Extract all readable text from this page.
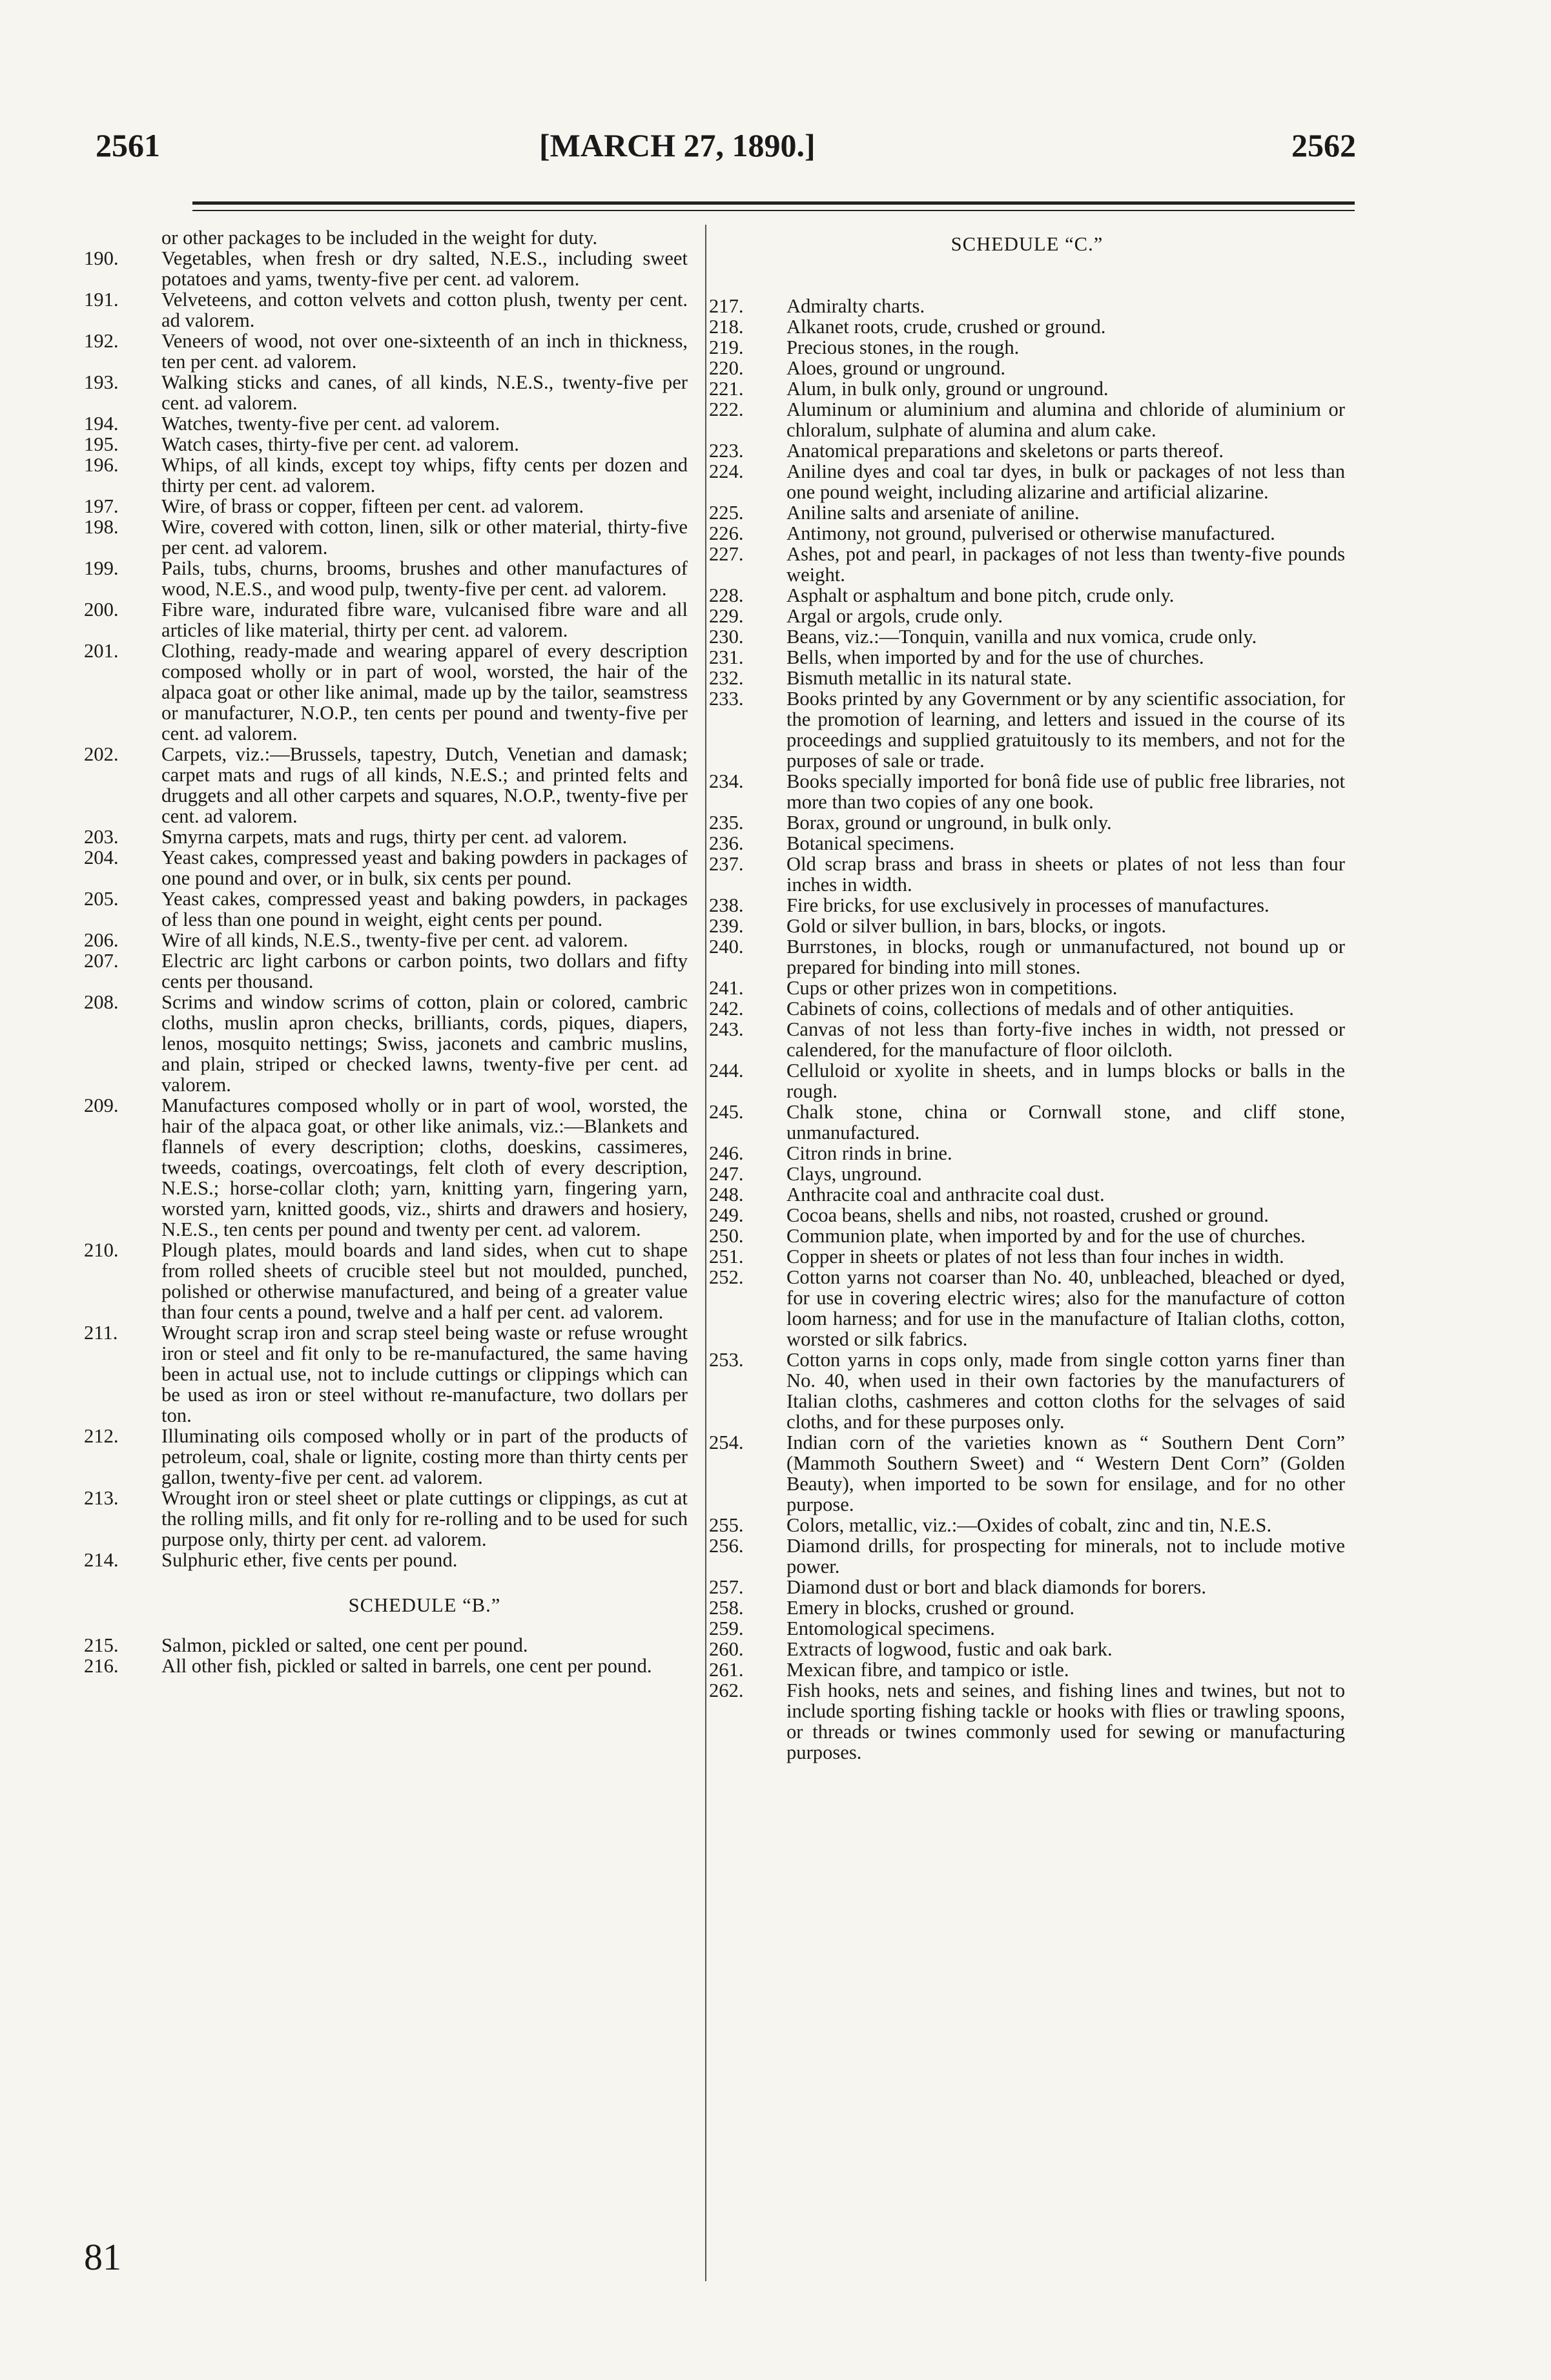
2561	[MARCH 27, 1890.]	2562
or other packages to be included in the weight for duty.
190. Vegetables, when fresh or dry salted, N.E.S., including sweet potatoes and yams, twenty-five per cent. ad valorem.
191. Velveteens, and cotton velvets and cotton plush, twenty per cent. ad valorem.
192. Veneers of wood, not over one-sixteenth of an inch in thickness, ten per cent. ad valorem.
193. Walking sticks and canes, of all kinds, N.E.S., twenty-five per cent. ad valorem.
194. Watches, twenty-five per cent. ad valorem.
195. Watch cases, thirty-five per cent. ad valorem.
196. Whips, of all kinds, except toy whips, fifty cents per dozen and thirty per cent. ad valorem.
197. Wire, of brass or copper, fifteen per cent. ad valorem.
198. Wire, covered with cotton, linen, silk or other material, thirty-five per cent. ad valorem.
199. Pails, tubs, churns, brooms, brushes and other manufactures of wood, N.E.S., and wood pulp, twenty-five per cent. ad valorem.
200. Fibre ware, indurated fibre ware, vulcanised fibre ware and all articles of like material, thirty per cent. ad valorem.
201. Clothing, ready-made and wearing apparel of every description composed wholly or in part of wool, worsted, the hair of the alpaca goat or other like animal, made up by the tailor, seamstress or manufacturer, N.O.P., ten cents per pound and twenty-five per cent. ad valorem.
202. Carpets, viz.:—Brussels, tapestry, Dutch, Venetian and damask; carpet mats and rugs of all kinds, N.E.S.; and printed felts and druggets and all other carpets and squares, N.O.P., twenty-five per cent. ad valorem.
203. Smyrna carpets, mats and rugs, thirty per cent. ad valorem.
204. Yeast cakes, compressed yeast and baking powders in packages of one pound and over, or in bulk, six cents per pound.
205. Yeast cakes, compressed yeast and baking powders, in packages of less than one pound in weight, eight cents per pound.
206. Wire of all kinds, N.E.S., twenty-five per cent. ad valorem.
207. Electric arc light carbons or carbon points, two dollars and fifty cents per thousand.
208. Scrims and window scrims of cotton, plain or colored, cambric cloths, muslin apron checks, brilliants, cords, piques, diapers, lenos, mosquito nettings; Swiss, jaconets and cambric muslins, and plain, striped or checked lawns, twenty-five per cent. ad valorem.
209. Manufactures composed wholly or in part of wool, worsted, the hair of the alpaca goat, or other like animals, viz.:—Blankets and flannels of every description; cloths, doeskins, cassimeres, tweeds, coatings, overcoatings, felt cloth of every description, N.E.S.; horse-collar cloth; yarn, knitting yarn, fingering yarn, worsted yarn, knitted goods, viz., shirts and drawers and hosiery, N.E.S., ten cents per pound and twenty per cent. ad valorem.
210. Plough plates, mould boards and land sides, when cut to shape from rolled sheets of crucible steel but not moulded, punched, polished or otherwise manufactured, and being of a greater value than four cents a pound, twelve and a half per cent. ad valorem.
211. Wrought scrap iron and scrap steel being waste or refuse wrought iron or steel and fit only to be re-manufactured, the same having been in actual use, not to include cuttings or clippings which can be used as iron or steel without re-manufacture, two dollars per ton.
212. Illuminating oils composed wholly or in part of the products of petroleum, coal, shale or lignite, costing more than thirty cents per gallon, twenty-five per cent. ad valorem.
213. Wrought iron or steel sheet or plate cuttings or clippings, as cut at the rolling mills, and fit only for re-rolling and to be used for such purpose only, thirty per cent. ad valorem.
214. Sulphuric ether, five cents per pound.
SCHEDULE “B.”
215. Salmon, pickled or salted, one cent per pound.
216. All other fish, pickled or salted in barrels, one cent per pound.
81
SCHEDULE “C.”
217. Admiralty charts.
218. Alkanet roots, crude, crushed or ground.
219. Precious stones, in the rough.
220. Aloes, ground or unground.
221. Alum, in bulk only, ground or unground.
222. Aluminum or aluminium and alumina and chloride of aluminium or chloralum, sulphate of alumina and alum cake.
223. Anatomical preparations and skeletons or parts thereof.
224. Aniline dyes and coal tar dyes, in bulk or packages of not less than one pound weight, including alizarine and artificial alizarine.
225. Aniline salts and arseniate of aniline.
226. Antimony, not ground, pulverised or otherwise manufactured.
227. Ashes, pot and pearl, in packages of not less than twenty-five pounds weight.
228. Asphalt or asphaltum and bone pitch, crude only.
229. Argal or argols, crude only.
230. Beans, viz.:—Tonquin, vanilla and nux vomica, crude only.
231. Bells, when imported by and for the use of churches.
232. Bismuth metallic in its natural state.
233. Books printed by any Government or by any scientific association, for the promotion of learning, and letters and issued in the course of its proceedings and supplied gratuitously to its members, and not for the purposes of sale or trade.
234. Books specially imported for bonâ fide use of public free libraries, not more than two copies of any one book.
235. Borax, ground or unground, in bulk only.
236. Botanical specimens.
237. Old scrap brass and brass in sheets or plates of not less than four inches in width.
238. Fire bricks, for use exclusively in processes of manufactures.
239. Gold or silver bullion, in bars, blocks, or ingots.
240. Burrstones, in blocks, rough or unmanufactured, not bound up or prepared for binding into mill stones.
241. Cups or other prizes won in competitions.
242. Cabinets of coins, collections of medals and of other antiquities.
243. Canvas of not less than forty-five inches in width, not pressed or calendered, for the manufacture of floor oilcloth.
244. Celluloid or xyolite in sheets, and in lumps blocks or balls in the rough.
245. Chalk stone, china or Cornwall stone, and cliff stone, unmanufactured.
246. Citron rinds in brine.
247. Clays, unground.
248. Anthracite coal and anthracite coal dust.
249. Cocoa beans, shells and nibs, not roasted, crushed or ground.
250. Communion plate, when imported by and for the use of churches.
251. Copper in sheets or plates of not less than four inches in width.
252. Cotton yarns not coarser than No. 40, unbleached, bleached or dyed, for use in covering electric wires; also for the manufacture of cotton loom harness; and for use in the manufacture of Italian cloths, cotton, worsted or silk fabrics.
253. Cotton yarns in cops only, made from single cotton yarns finer than No. 40, when used in their own factories by the manufacturers of Italian cloths, cashmeres and cotton cloths for the selvages of said cloths, and for these purposes only.
254. Indian corn of the varieties known as “ Southern Dent Corn” (Mammoth Southern Sweet) and “ Western Dent Corn” (Golden Beauty), when imported to be sown for ensilage, and for no other purpose.
255. Colors, metallic, viz.:—Oxides of cobalt, zinc and tin, N.E.S.
256. Diamond drills, for prospecting for minerals, not to include motive power.
257. Diamond dust or bort and black diamonds for borers.
258. Emery in blocks, crushed or ground.
259. Entomological specimens.
260. Extracts of logwood, fustic and oak bark.
261. Mexican fibre, and tampico or istle.
262. Fish hooks, nets and seines, and fishing lines and twines, but not to include sporting fishing tackle or hooks with flies or trawling spoons, or threads or twines commonly used for sewing or manufacturing purposes.
